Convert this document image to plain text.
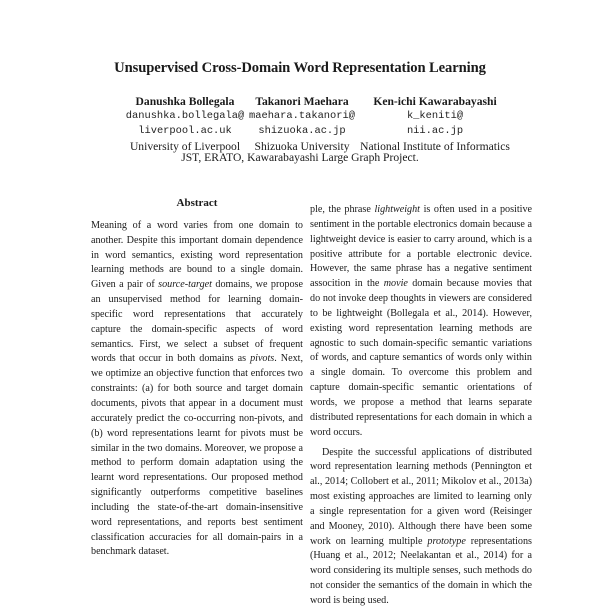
Unsupervised Cross-Domain Word Representation Learning
Danushka Bollegala
danushka.bollegala@
liverpool.ac.uk
University of Liverpool
Takanori Maehara
maehara.takanori@
shizuoka.ac.jp
Shizuoka University
Ken-ichi Kawarabayashi
k_keniti@
nii.ac.jp
National Institute of Informatics
JST, ERATO, Kawarabayashi Large Graph Project.
Abstract
Meaning of a word varies from one domain to another. Despite this important domain dependence in word semantics, existing word representation learning methods are bound to a single domain. Given a pair of source-target domains, we propose an unsupervised method for learning domain-specific word representations that accurately capture the domain-specific aspects of word semantics. First, we select a subset of frequent words that occur in both domains as pivots. Next, we optimize an objective function that enforces two constraints: (a) for both source and target domain documents, pivots that appear in a document must accurately predict the co-occurring non-pivots, and (b) word representations learnt for pivots must be similar in the two domains. Moreover, we propose a method to perform domain adaptation using the learnt word representations. Our proposed method significantly outperforms competitive baselines including the state-of-the-art domain-insensitive word representations, and reports best sentiment classification accuracies for all domain-pairs in a benchmark dataset.

ple, the phrase lightweight is often used in a positive sentiment in the portable electronics domain because a lightweight device is easier to carry around, which is a positive attribute for a portable electronic device. However, the same phrase has a negative sentiment assocition in the movie domain because movies that do not invoke deep thoughts in viewers are considered to be lightweight (Bollegala et al., 2014). However, existing word representation learning methods are agnostic to such domain-specific semantic variations of words, and capture semantics of words only within a single domain. To overcome this problem and capture domain-specific semantic orientations of words, we propose a method that learns separate distributed representations for each domain in which a word occurs.

Despite the successful applications of distributed word representation learning methods (Pennington et al., 2014; Collobert et al., 2011; Mikolov et al., 2013a) most existing approaches are limited to learning only a single representation for a given word (Reisinger and Mooney, 2010). Although there have been some work on learning multiple prototype representations (Huang et al., 2012; Neelakantan et al., 2014) for a word considering its multiple senses, such methods do not consider the semantics of the domain in which the word is being used.
